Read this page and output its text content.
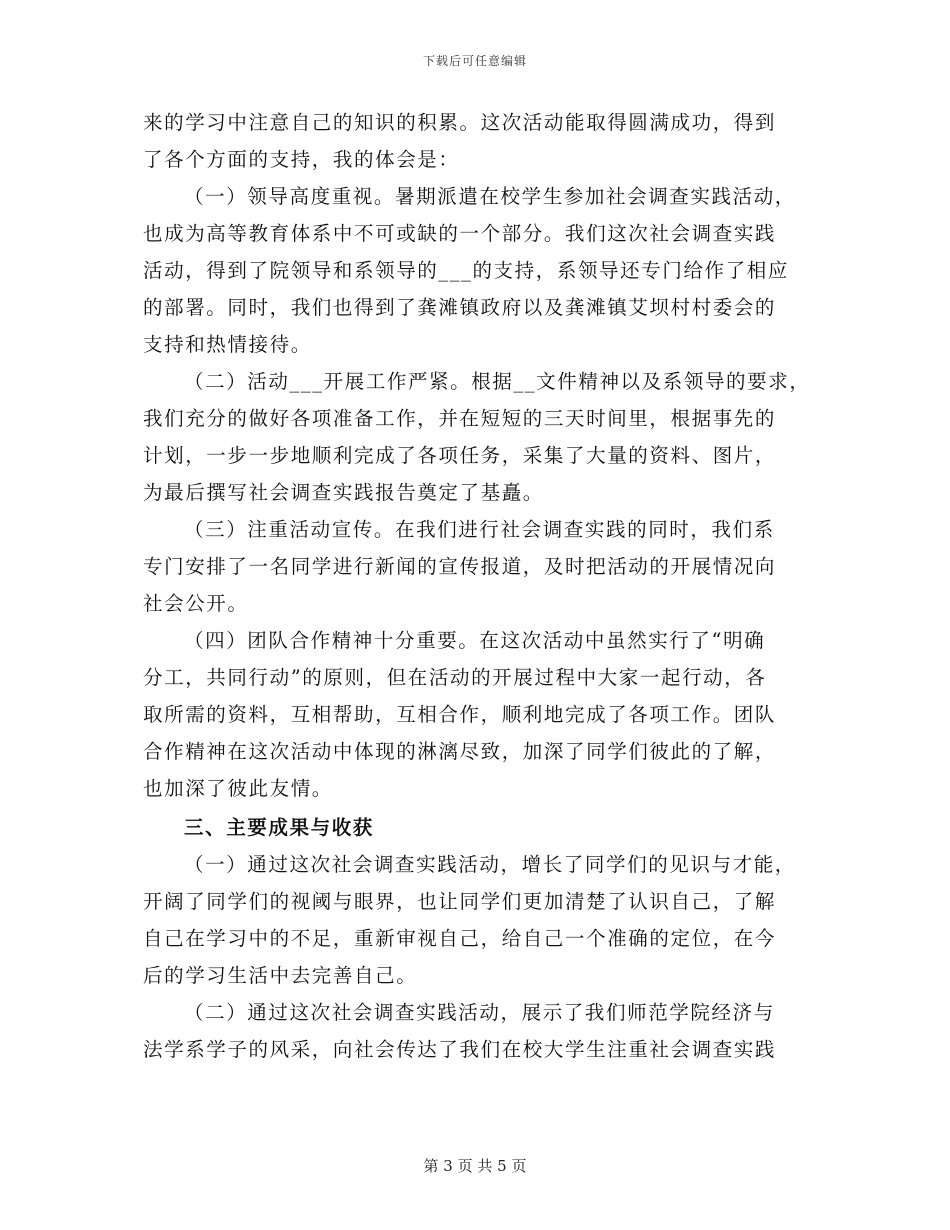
下载后可任意编辑
来的学习中注意自己的知识的积累。这次活动能取得圆满成功，得到
了各个方面的支持，我的体会是：
（一）领导高度重视。暑期派遣在校学生参加社会调查实践活动，
也成为高等教育体系中不可或缺的一个部分。我们这次社会调查实践
活动，得到了院领导和系领导的___的支持，系领导还专门给作了相应
的部署。同时，我们也得到了龚滩镇政府以及龚滩镇艾坝村村委会的
支持和热情接待。
（二）活动___开展工作严紧。根据__文件精神以及系领导的要求，
我们充分的做好各项准备工作，并在短短的三天时间里，根据事先的
计划，一步一步地顺利完成了各项任务，采集了大量的资料、图片，
为最后撰写社会调查实践报告奠定了基矗。
（三）注重活动宣传。在我们进行社会调查实践的同时，我们系
专门安排了一名同学进行新闻的宣传报道，及时把活动的开展情况向
社会公开。
（四）团队合作精神十分重要。在这次活动中虽然实行了“明确
分工，共同行动”的原则，但在活动的开展过程中大家一起行动，各
取所需的资料，互相帮助，互相合作，顺利地完成了各项工作。团队
合作精神在这次活动中体现的淋漓尽致，加深了同学们彼此的了解，
也加深了彼此友情。
三、主要成果与收获
（一）通过这次社会调查实践活动，增长了同学们的见识与才能，
开阔了同学们的视阈与眼界，也让同学们更加清楚了认识自己，了解
自己在学习中的不足，重新审视自己，给自己一个准确的定位，在今
后的学习生活中去完善自己。
（二）通过这次社会调查实践活动，展示了我们师范学院经济与
法学系学子的风采，向社会传达了我们在校大学生注重社会调查实践
第 3 页 共 5 页
